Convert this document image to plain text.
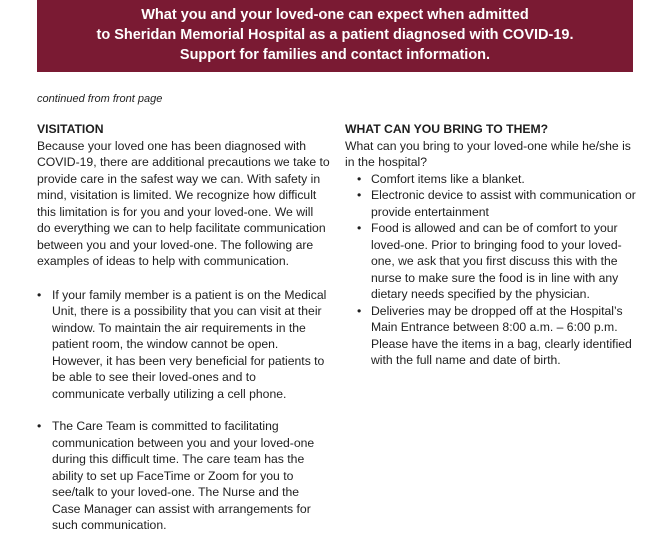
What you and your loved-one can expect when admitted
to Sheridan Memorial Hospital as a patient diagnosed with COVID-19.
Support for families and contact information.
continued from front page
VISITATION
Because your loved one has been diagnosed with
COVID-19, there are additional precautions we take to
provide care in the safest way we can. With safety in
mind, visitation is limited. We recognize how difficult
this limitation is for you and your loved-one. We will
do everything we can to help facilitate communication
between you and your loved-one. The following are
examples of ideas to help with communication.
• If your family member is a patient is on the Medical
Unit, there is a possibility that you can visit at their
window. To maintain the air requirements in the
patient room, the window cannot be open.
However, it has been very beneficial for patients to
be able to see their loved-ones and to
communicate verbally utilizing a cell phone.
• The Care Team is committed to facilitating
communication between you and your loved-one
during this difficult time. The care team has the
ability to set up FaceTime or Zoom for you to
see/talk to your loved-one. The Nurse and the
Case Manager can assist with arrangements for
such communication.
WHAT CAN YOU BRING TO THEM?
What can you bring to your loved-one while he/she is
in the hospital?
• Comfort items like a blanket.
• Electronic device to assist with communication or
provide entertainment
• Food is allowed and can be of comfort to your
loved-one. Prior to bringing food to your loved-
one, we ask that you first discuss this with the
nurse to make sure the food is in line with any
dietary needs specified by the physician.
• Deliveries may be dropped off at the Hospital’s
Main Entrance between 8:00 a.m. – 6:00 p.m.
Please have the items in a bag, clearly identified
with the full name and date of birth.
